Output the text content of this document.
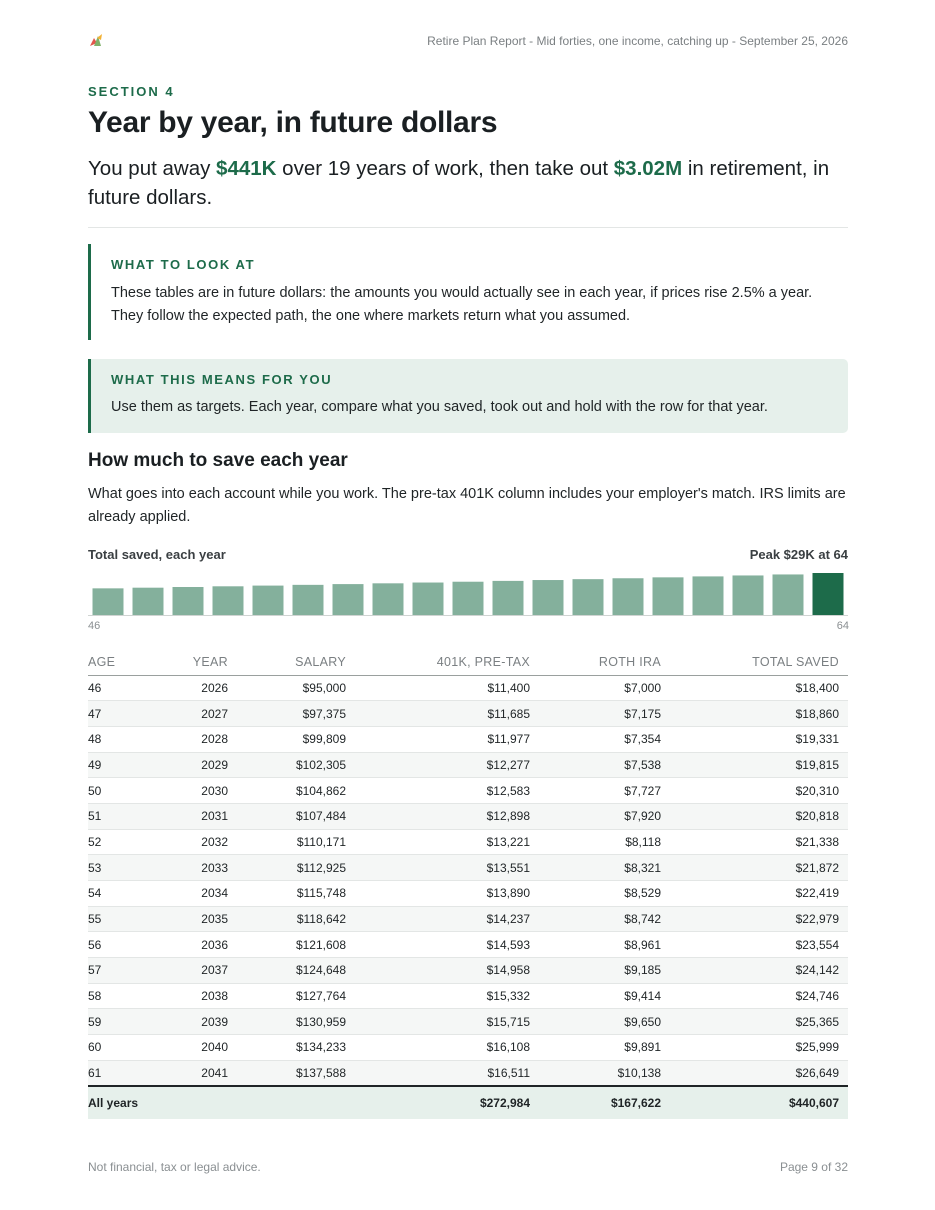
Retire Plan Report - Mid forties, one income, catching up - September 25, 2026
SECTION 4
Year by year, in future dollars

You put away $441K over 19 years of work, then take out $3.02M in retirement, in future dollars.

WHAT TO LOOK AT
These tables are in future dollars: the amounts you would actually see in each year, if prices rise 2.5% a year. They follow the expected path, the one where markets return what you assumed.
WHAT THIS MEANS FOR YOU
Use them as targets. Each year, compare what you saved, took out and hold with the row for that year.
How much to save each year

What goes into each account while you work. The pre-tax 401K column includes your employer's match. IRS limits are already applied.

Total saved, each year	Peak $29K at 64
46	64
AGE	YEAR	SALARY	401K, PRE-TAX	ROTH IRA	TOTAL SAVED
46	2026	$95,000	$11,400	$7,000	$18,400
47	2027	$97,375	$11,685	$7,175	$18,860
48	2028	$99,809	$11,977	$7,354	$19,331
49	2029	$102,305	$12,277	$7,538	$19,815
50	2030	$104,862	$12,583	$7,727	$20,310
51	2031	$107,484	$12,898	$7,920	$20,818
52	2032	$110,171	$13,221	$8,118	$21,338
53	2033	$112,925	$13,551	$8,321	$21,872
54	2034	$115,748	$13,890	$8,529	$22,419
55	2035	$118,642	$14,237	$8,742	$22,979
56	2036	$121,608	$14,593	$8,961	$23,554
57	2037	$124,648	$14,958	$9,185	$24,142
58	2038	$127,764	$15,332	$9,414	$24,746
59	2039	$130,959	$15,715	$9,650	$25,365
60	2040	$134,233	$16,108	$9,891	$25,999
61	2041	$137,588	$16,511	$10,138	$26,649
All years			$272,984	$167,622	$440,607
Not financial, tax or legal advice.	Page 9 of 32
